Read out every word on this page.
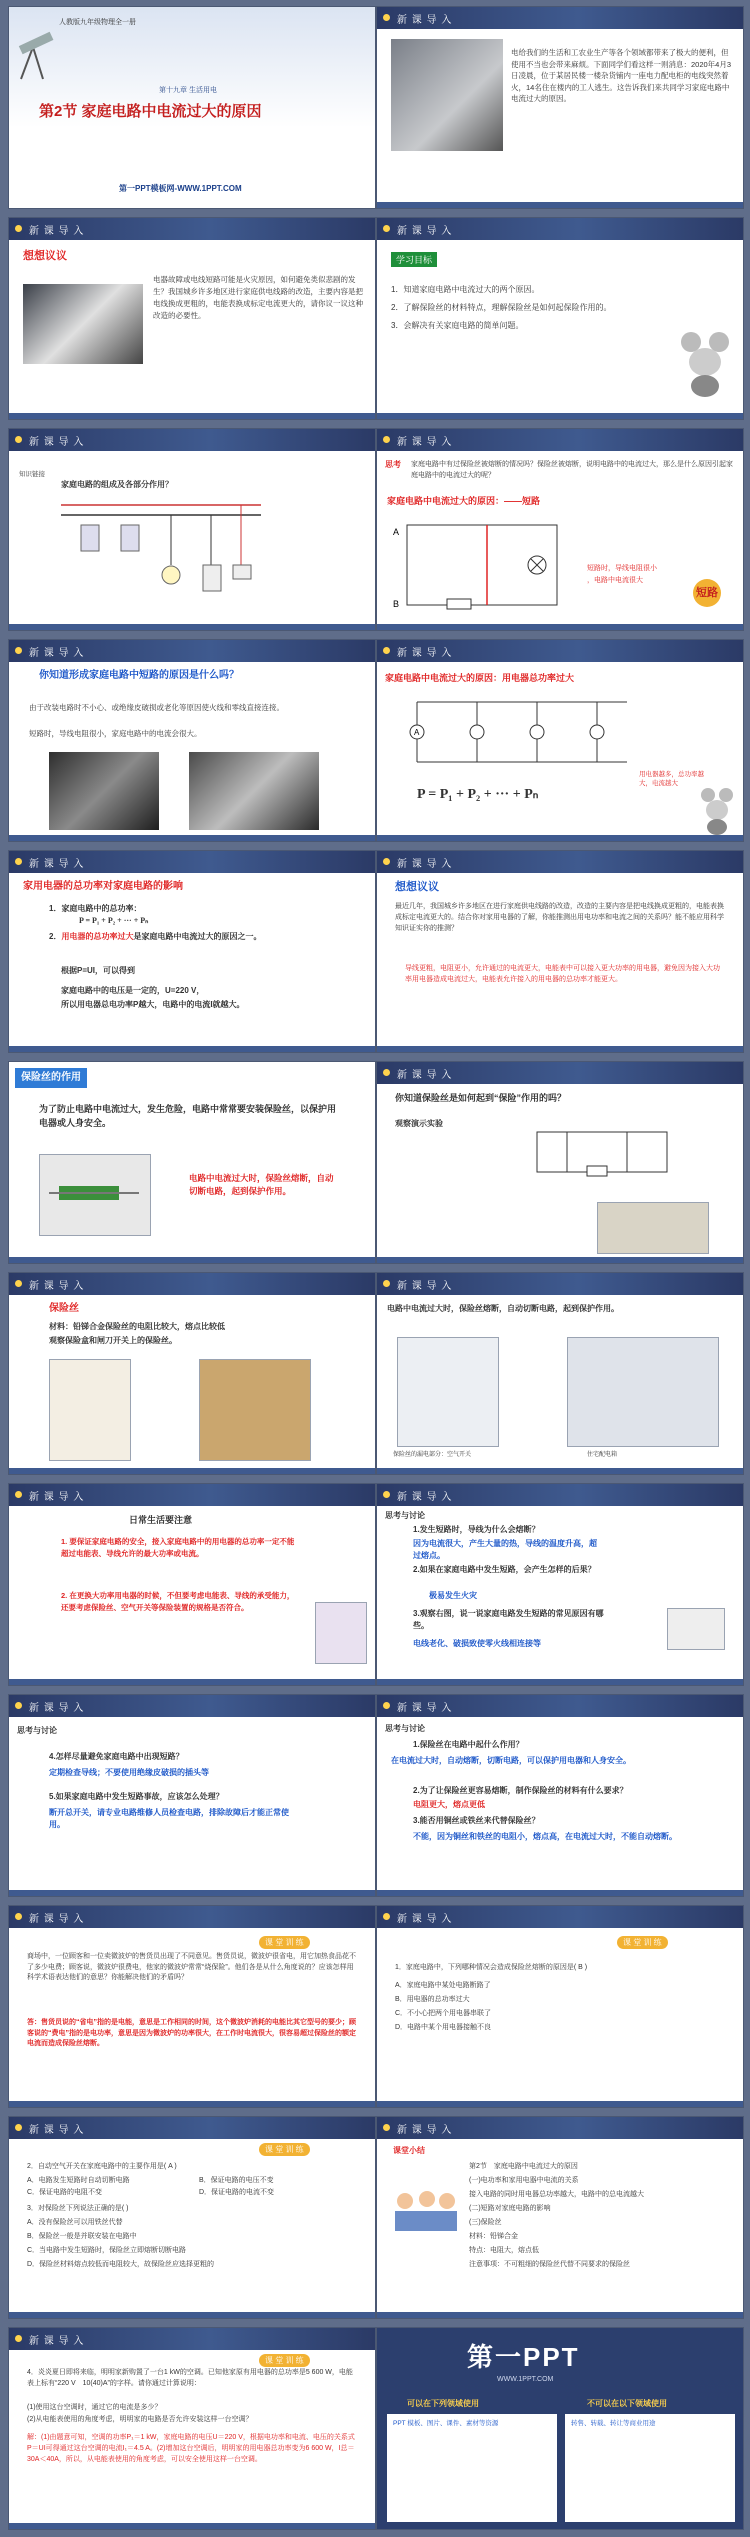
人教版九年级物理全一册
第十九章 生活用电
第2节 家庭电路中电流过大的原因
第一PPT模板网-WWW.1PPT.COM
新 课 导 入
电给我们的生活和工农业生产等各个领域都带来了极大的便利，但使用不当也会带来麻烦。下面同学们看这样一则消息：2020年4月3日凌晨，位于某居民楼一楼杂货铺内一座电力配电柜的电线突然着火，14名住在楼内的工人逃生。这告诉我们来共同学习家庭电路中电流过大的原因。
新 课 导 入
想想议议
电器故障或电线短路可能是火灾原因，如何避免类似悲剧的发生？我国城乡许多地区进行家庭供电线路的改造，主要内容是把电线换成更粗的，电能表换成标定电流更大的，请你议一议这种改造的必要性。
新 课 导 入
学习目标
1．知道家庭电路中电流过大的两个原因。
2．了解保险丝的材料特点，理解保险丝是如何起保险作用的。
3．会解决有关家庭电路的简单问题。
新 课 导 入
知识链接
家庭电路的组成及各部分作用？
新 课 导 入
思考 家庭电路中有过保险丝被熔断的情况吗？保险丝被熔断，说明电路中的电流过大，那么是什么原因引起家庭电路中的电流过大的呢？
家庭电路中电流过大的原因：——短路
A
B
短路时，导线电阻很小
，电路中电流很大
短路
新 课 导 入
你知道形成家庭电路中短路的原因是什么吗？
由于改装电路时不小心、或绝缘皮破损或老化等原因使火线和零线直接连接。
短路时，导线电阻很小，家庭电路中的电流会很大。
新 课 导 入
家庭电路中电流过大的原因：用电器总功率过大
A
P = P₁ + P₂ + ··· + Pₙ
用电器越多，总功率越大，电流越大
新 课 导 入
家用电器的总功率对家庭电路的影响
1．家庭电路中的总功率：
P = P₁ + P₂ + ··· + Pₙ
2．用电器的总功率过大是家庭电路中电流过大的原因之一。
根据P=UI，可以得到
家庭电路中的电压是一定的，U=220 V，
所以用电器总电功率P越大，电路中的电流I就越大。
新 课 导 入
想想议议
最近几年，我国城乡许多地区在进行家庭供电线路的改造，改造的主要内容是把电线换成更粗的，电能表换成标定电流更大的。结合你对家用电器的了解，你能推测出用电功率和电流之间的关系吗？能不能应用科学知识证实你的推测？
导线更粗，电阻更小，允许通过的电流更大，电能表中可以接入更大功率的用电器，避免因为接入大功率用电器造成电流过大，电能表允许接入的用电器的总功率才能更大。
保险丝的作用
为了防止电路中电流过大，发生危险，电路中常常要安装保险丝，以保护用电器或人身安全。
电路中电流过大时，保险丝熔断，自动切断电路，起到保护作用。
新 课 导 入
你知道保险丝是如何起到“保险”作用的吗？
观察演示实验
新 课 导 入
保险丝
材料：铅锑合金保险丝的电阻比较大，熔点比较低
观察保险盒和闸刀开关上的保险丝。
新 课 导 入
电路中电流过大时，保险丝熔断，自动切断电路，起到保护作用。
保险丝的漏电部分：空气开关	住宅配电箱
新 课 导 入
日常生活要注意
1. 要保证家庭电路的安全，接入家庭电路中的用电器的总功率一定不能超过电能表、导线允许的最大功率或电流。
2. 在更换大功率用电器的时候，不但要考虑电能表、导线的承受能力，还要考虑保险丝、空气开关等保险装置的规格是否符合。
新 课 导 入
思考与讨论
1.发生短路时，导线为什么会熔断？
因为电流很大，产生大量的热，导线的温度升高，超过熔点。
2.如果在家庭电路中发生短路，会产生怎样的后果？
极易发生火灾
3.观察右图，说一说家庭电路发生短路的常见原因有哪些。
电线老化、破损致使零火线相连接等
新 课 导 入
思考与讨论
4.怎样尽量避免家庭电路中出现短路？
定期检查导线；不要使用绝缘皮破损的插头等
5.如果家庭电路中发生短路事故，应该怎么处理？
断开总开关，请专业电路维修人员检查电路，排除故障后才能正常使用。
新 课 导 入
思考与讨论
1.保险丝在电路中起什么作用？
在电流过大时，自动熔断，切断电路，可以保护用电器和人身安全。
2.为了让保险丝更容易熔断，制作保险丝的材料有什么要求？
电阻更大，熔点更低
3.能否用铜丝或铁丝来代替保险丝？
不能，因为铜丝和铁丝的电阻小，熔点高，在电流过大时，不能自动熔断。
新 课 导 入
课 堂 训 练
商场中，一位顾客和一位卖微波炉的售货员出现了不同意见。售货员说，微波炉很省电，用它加热食品花不了多少电费；顾客说，微波炉很费电，他家的微波炉常常“烧保险”。他们各是从什么角度说的？应该怎样用科学术语表达他们的意思？你能解决他们的矛盾吗？
答：售货员说的“省电”指的是电能，意思是工作相同的时间，这个微波炉消耗的电能比其它型号的要少；顾客说的“费电”指的是电功率，意思是因为微波炉的功率很大，在工作时电流很大，很容易超过保险丝的额定电流而造成保险丝熔断。
新 课 导 入
课 堂 训 练
1．家庭电路中，下列哪种情况会造成保险丝熔断的原因是( B )
A．家庭电路中某处电路断路了
B．用电器的总功率过大
C．不小心把两个用电器串联了
D．电路中某个用电器接触不良
新 课 导 入
课 堂 训 练
2．自动空气开关在家庭电路中的主要作用是( A )
A．电路发生短路时自动切断电路	B．保证电路的电压不变
C．保证电路的电阻不变	D．保证电路的电流不变
3．对保险丝下列说法正确的是( )
A．没有保险丝可以用铁丝代替
B．保险丝一般是并联安装在电路中
C．当电路中发生短路时，保险丝立即熔断切断电路
D．保险丝材料熔点较低而电阻较大，故保险丝应选择更粗的
新 课 导 入
课堂小结
第2节　家庭电路中电流过大的原因
(一)电功率和家用电器中电流的关系
接入电路的同时用电器总功率越大，电路中的总电流越大
(二)短路对家庭电路的影响
(三)保险丝
材料：铅锑合金
特点：电阻大，熔点低
注意事项：不可粗细的保险丝代替不同要求的保险丝
新 课 导 入
课 堂 训 练
4．炎炎夏日即将来临，明明家新购置了一台1 kW的空调。已知他家原有用电器的总功率是5 600 W，电能表上标有“220 V　10(40)A”的字样。请你通过计算说明：
(1)使用这台空调时，通过它的电流是多少？
(2)从电能表使用的角度考虑，明明家的电路是否允许安装这样一台空调？
解：(1)由题意可知，空调的功率P₁＝1 kW，家庭电路的电压U＝220 V，根据电功率和电流、电压的关系式P＝UI可得通过这台空调的电流I₁＝4.5 A。(2)增加这台空调后，明明家的用电器总功率变为6 600 W，I总＝30A＜40A，所以，从电能表使用的角度考虑，可以安全使用这样一台空调。
第一PPT
WWW.1PPT.COM
可以在下列领域使用	不可以在以下领域使用
PPT 模板、图片、课件、素材等资源	转售、转载、转让等商业用途
